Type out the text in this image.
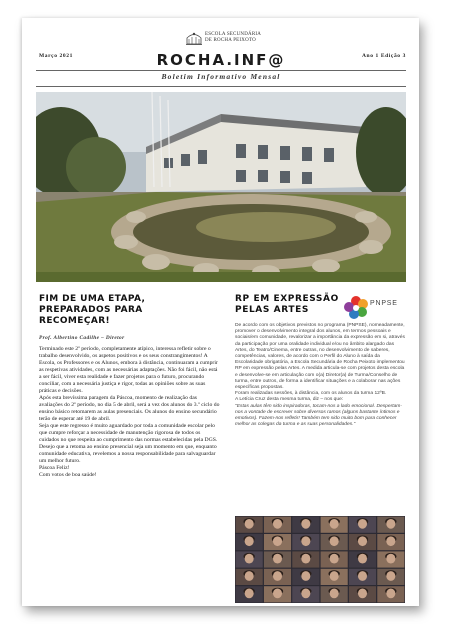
ESCOLA SECUNDÁRIA
DE ROCHA PEIXOTO
Março 2021	Ano 1 Edição 3
ROCHA.INF@
Boletim Informativo Mensal
FIM DE UMA ETAPA,
PREPARADOS PARA
RECOMEÇAR!
Prof. Albertino Cadilhe – Diretor

Terminado este 2º período, completamente atípico, interessa refletir sobre o trabalho desenvolvido, os aspetos positivos e os seus constrangimentos! A Escola, os Professores e os Alunos, embora à distância, continuaram a cumprir as respetivas atividades, com as necessárias adaptações. Não foi fácil, não está a ser fácil, viver esta realidade e fazer projetos para o futuro, procurando conciliar, com a necessária justiça e rigor, todas as opiniões sobre as suas práticas e decisões.

Após esta brevíssima paragem da Páscoa, momento de realização das avaliações do 2º período, no dia 5 de abril, será a vez dos alunos do 3.º ciclo do ensino básico retomarem as aulas presenciais. Os alunos do ensino secundário terão de esperar até 19 de abril.

Seja que este regresso é muito aguardado por toda a comunidade escolar pelo que cumpre reforçar a necessidade de manutenção rigorosa de todos os cuidados no que respeita ao cumprimento das normas estabelecidas pela DGS.

Desejo que a retoma ao ensino presencial seja um momento em que, enquanto comunidade educativa, revelemos a nossa responsabilidade para salvaguardar um melhor futuro.

Páscoa Feliz!

Com votos de boa saúde!

RP EM EXPRESSÃO
PELAS ARTES
PNPSE

De acordo com os objetivos previstos no programa (PNPSE), nomeadamente, promover o desenvolvimento integral dos alunos, em termos pessoais e sociais/em comunidade, revalorizar a importância da expressão em si, através da participação por uma oralidade individual e/ou no âmbito alargado das Artes, do Teatro/Cinema, entre outras, no desenvolvimento de saberes, competências, valores, de acordo com o Perfil do Aluno à saída da Escolaridade obrigatória, a Escola Secundária de Rocha Peixoto implementou RP em expressão pelas Artes. A medida articula-se com projetos desta escola e desenvolve-se em articulação com o(a) Diretor(a) de Turma/Conselho de turma, entre outros, de forma a identificar situações e a colaborar nas ações específicas propostas.

Foram realizadas sessões, à distância, com os alunos da turma 12ºB.

A Letícia Cruz desta mesma turma, diz – nos que:

"Estas aulas têm sido inspiradoras, tocam-nos a lado emocional. Despertam-nos a vontade de escrever sobre diversos ramos (alguns bastante íntimos e emotivos). Fazem-nos refletir! Também tem sido muito bom para conhecer melhor as colegas da turma e as suas personalidades."
